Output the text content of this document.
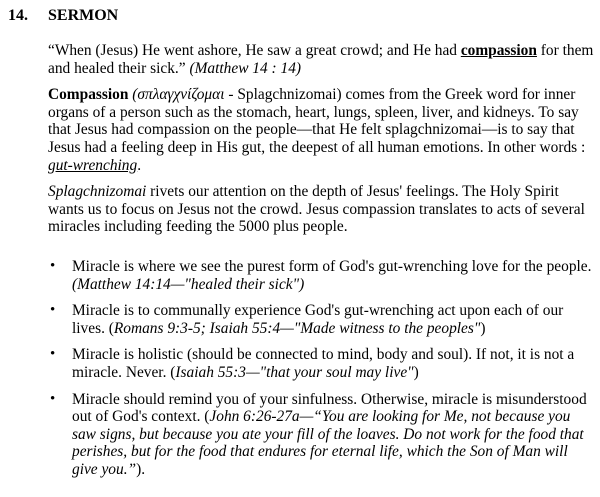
14. SERMON

“When (Jesus) He went ashore, He saw a great crowd; and He had compassion for them and healed their sick.” (Matthew 14 : 14)

Compassion (σπλαγχνίζομαι - Splagchnizomai) comes from the Greek word for inner organs of a person such as the stomach, heart, lungs, spleen, liver, and kidneys. To say that Jesus had compassion on the people—that He felt splagchnizomai—is to say that Jesus had a feeling deep in His gut, the deepest of all human emotions. In other words : gut-wrenching.

Splagchnizomai rivets our attention on the depth of Jesus' feelings. The Holy Spirit wants us to focus on Jesus not the crowd. Jesus compassion translates to acts of several miracles including feeding the 5000 plus people.

• Miracle is where we see the purest form of God's gut-wrenching love for the people. (Matthew 14:14—"healed their sick")
• Miracle is to communally experience God's gut-wrenching act upon each of our lives. (Romans 9:3-5; Isaiah 55:4—"Made witness to the peoples")
• Miracle is holistic (should be connected to mind, body and soul). If not, it is not a miracle. Never. (Isaiah 55:3—"that your soul may live")
• Miracle should remind you of your sinfulness. Otherwise, miracle is misunderstood out of God's context. (John 6:26-27a—“You are looking for Me, not because you saw signs, but because you ate your fill of the loaves. Do not work for the food that perishes, but for the food that endures for eternal life, which the Son of Man will give you.”).
